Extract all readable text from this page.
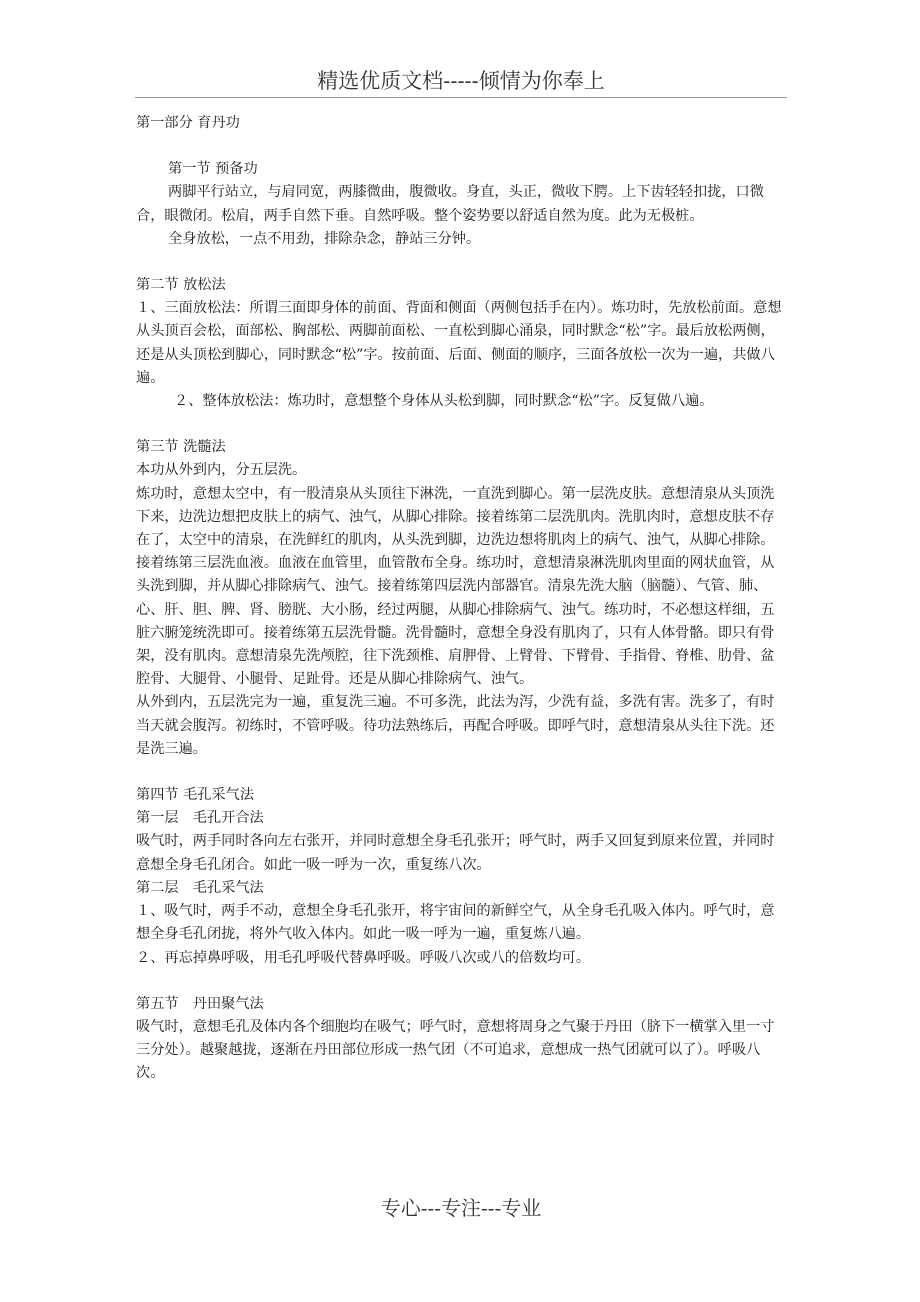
精选优质文档-----倾情为你奉上

第一部分 育丹功

第一节 预备功

两脚平行站立，与肩同宽，两膝微曲，腹微收。身直，头正，微收下腭。上下齿轻轻扣拢，口微合，眼微闭。松肩，两手自然下垂。自然呼吸。整个姿势要以舒适自然为度。此为无极桩。

全身放松，一点不用劲，排除杂念，静站三分钟。

第二节 放松法

１、三面放松法：所谓三面即身体的前面、背面和侧面（两侧包括手在内）。炼功时，先放松前面。意想从头顶百会松，面部松、胸部松、两脚前面松、一直松到脚心涌泉，同时默念“松”字。最后放松两侧，还是从头顶松到脚心，同时默念“松”字。按前面、后面、侧面的顺序，三面各放松一次为一遍，共做八遍。

２、整体放松法：炼功时，意想整个身体从头松到脚，同时默念“松”字。反复做八遍。

第三节 洗髓法

本功从外到内，分五层洗。

炼功时，意想太空中，有一股清泉从头顶往下淋洗，一直洗到脚心。第一层洗皮肤。意想清泉从头顶洗下来，边洗边想把皮肤上的病气、浊气，从脚心排除。接着练第二层洗肌肉。洗肌肉时，意想皮肤不存在了，太空中的清泉，在洗鲜红的肌肉，从头洗到脚，边洗边想将肌肉上的病气、浊气，从脚心排除。接着练第三层洗血液。血液在血管里，血管散布全身。练功时，意想清泉淋洗肌肉里面的网状血管，从头洗到脚，并从脚心排除病气、浊气。接着练第四层洗内部器官。清泉先洗大脑（脑髓）、气管、肺、心、肝、胆、脾、肾、膀胱、大小肠，经过两腿，从脚心排除病气、浊气。练功时，不必想这样细，五脏六腑笼统洗即可。接着练第五层洗骨髓。洗骨髓时，意想全身没有肌肉了，只有人体骨骼。即只有骨架，没有肌肉。意想清泉先洗颅腔，往下洗颈椎、肩胛骨、上臂骨、下臂骨、手指骨、脊椎、肋骨、盆腔骨、大腿骨、小腿骨、足趾骨。还是从脚心排除病气、浊气。

从外到内，五层洗完为一遍，重复洗三遍。不可多洗，此法为泻，少洗有益，多洗有害。洗多了，有时当天就会腹泻。初练时，不管呼吸。待功法熟练后，再配合呼吸。即呼气时，意想清泉从头往下洗。还是洗三遍。

第四节 毛孔采气法

第一层　毛孔开合法

吸气时，两手同时各向左右张开，并同时意想全身毛孔张开；呼气时，两手又回复到原来位置，并同时意想全身毛孔闭合。如此一吸一呼为一次，重复练八次。

第二层　毛孔采气法

１、吸气时，两手不动，意想全身毛孔张开，将宇宙间的新鲜空气，从全身毛孔吸入体内。呼气时，意想全身毛孔闭拢，将外气收入体内。如此一吸一呼为一遍，重复炼八遍。

２、再忘掉鼻呼吸，用毛孔呼吸代替鼻呼吸。呼吸八次或八的倍数均可。

第五节　丹田聚气法

吸气时，意想毛孔及体内各个细胞均在吸气；呼气时，意想将周身之气聚于丹田（脐下一横掌入里一寸三分处）。越聚越拢，逐渐在丹田部位形成一热气团（不可追求，意想成一热气团就可以了）。呼吸八次。

专心---专注---专业
